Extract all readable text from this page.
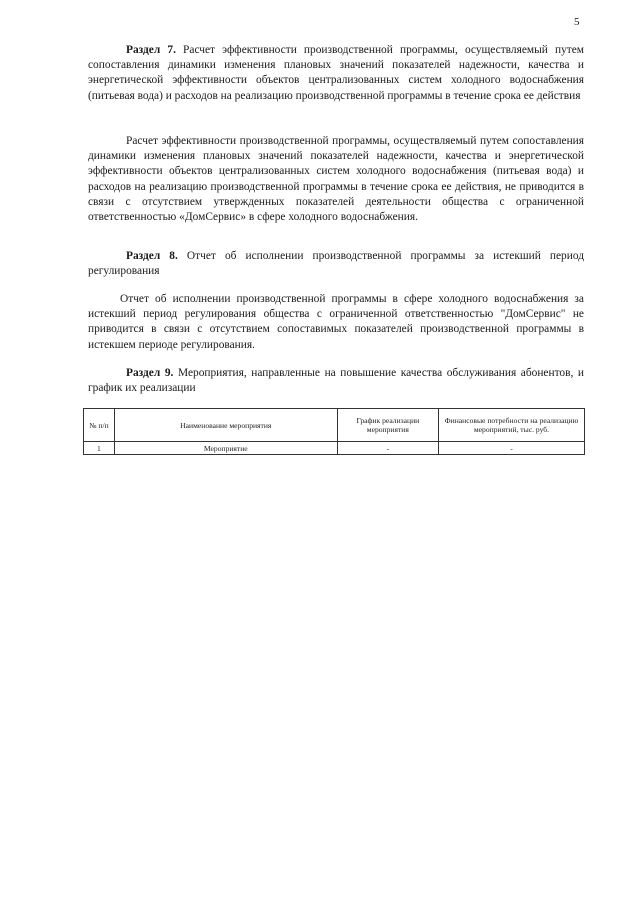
5
Раздел 7. Расчет эффективности производственной программы, осуществляемый путем сопоставления динамики изменения плановых значений показателей надежности, качества и энергетической эффективности объектов централизованных систем холодного водоснабжения (питьевая вода) и расходов на реализацию производственной программы в течение срока ее действия
Расчет эффективности производственной программы, осуществляемый путем сопоставления динамики изменения плановых значений показателей надежности, качества и энергетической эффективности объектов централизованных систем холодного водоснабжения (питьевая вода) и расходов на реализацию производственной программы в течение срока ее действия, не приводится в связи с отсутствием утвержденных показателей деятельности общества с ограниченной ответственностью «ДомСервис» в сфере холодного водоснабжения.
Раздел 8. Отчет об исполнении производственной программы за истекший период регулирования
Отчет об исполнении производственной программы в сфере холодного водоснабжения за истекший период регулирования общества с ограниченной ответственностью "ДомСервис" не приводится в связи с отсутствием сопоставимых показателей производственной программы в истекшем периоде регулирования.
Раздел 9. Мероприятия, направленные на повышение качества обслуживания абонентов, и график их реализации
№ п/п	Наименование мероприятия	График реализации мероприятия	Финансовые потребности на реализацию мероприятий, тыс. руб.
1	Мероприятие	-	-
